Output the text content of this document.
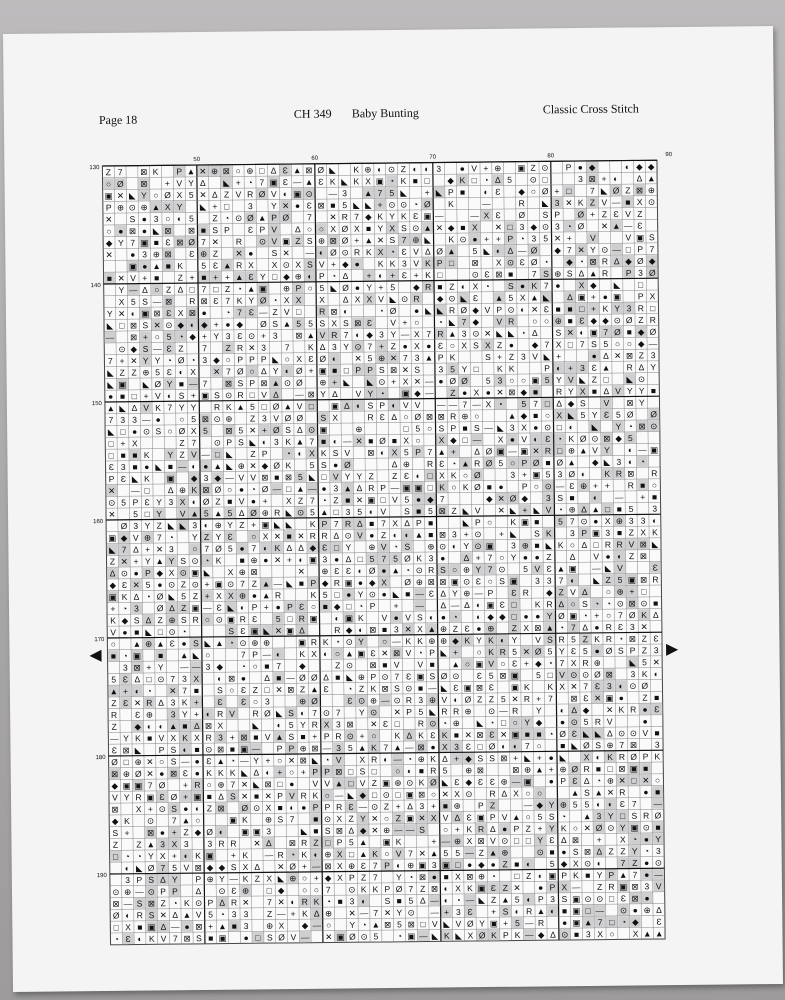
Page 18	CH 349 Baby Bunting	Classic Cross Stitch
Z 7 ⊠ K P ▲ ✕ ⊕ ⊠ ○ ⊕ □ Δ Ɛ ▲ ⊠ Ø ◣ K ⊕ ◐ ⊙ Z ◐ ◐ 3 ● V + ⊕ ▣ Z ⊙ P ● ◆	◐ ◆ ◆
○ Ø ⊠ + V Y Δ ◣ + ◔ 7 ▣ Ɛ — ▲ Ɛ K ◣ K X ▣ ◔ K ■ □ ◆ K □ ◔ Δ 5 ⊙ □	3 ⊠ + ◐ Δ ▲
▣ ✕ ◣ Y ○ Ø X 5 ✕ Δ Z V R Ø V ◐ ▣ ⊙ — 3 ▲ 7 5 ◣ + ◣ P ■ ◐ Ɛ ◆ ○ Ø + □ 7 ◣ Ø Z ⊠ ⊕
P ⊕ ⊙ ⊕ ▲ X Y ◣ + □ 3 Y ✕ ● Ɛ ⊠ ■ 5 ◣ ◣ + ⊙ ⊙ ◔ Ø K	—	R ◣ 3 ✕ K Z V — ■ X ⊙
✕ S ● 3 ○ ◐ 5 Z ◔ ⊙ Ø ▲ P Ø 7 ✕ R 7 ◆ K Y K Ɛ ▣ —	— X Ɛ Ø S P Ø + Z Ɛ V Z
○ ● ⊠ ● ◣ ⊠ ⊠ ■ S P Ɛ P V Δ ○ ○ X Ø X ■ Y X S ⊙ ▲ ✕ ◆ ■ X ✕ □ 3 ◆ ⊙ 3 ◔ Ø ✕ ▲ — Ɛ
◆ Y 7 ▣ ■ Ɛ ⊠ Ø 7 ✕ R ⊙ V ▣ Z S ⊕ ⊠ Ø + ▲ ✕ S 7 ⊕ ◣ K ⊙ ● + + P ◔ 3 5 ✕ + V	V ▣ S
✕ ● 3 ⊕ ⊠ Ɛ ⊕ Z ✕ ● S ✕ — ◐ Ø ⊙ R K X ◔ Ɛ V Δ Ø ▲ 5 ◣ ◐ Δ — Ø ◆ 7 ✕ Y ⊙ — □ P 7
▣ ● ▲ ■ K 5 Ɛ ▲ R X X ⊙ X S V + ◆ ● K K 3 V K P □ ⊠ X ⊙ Ɛ Ø ◔ ◆ ◔ ⊠ R Δ ◆ Ø ◆
■ ✕ V + ■ Z + ■ + + ▲ Ɛ Y □ ◆ ⊕ ◐ P ◔ Δ + ◐ + Ɛ + K □	⊙ Ɛ ⊠ ■ 7 S ⊕ S Δ ▲ R P 3 Ø
Y — Δ ○ Z Δ □ 7 □ Z ◔ ▲ ▣ ⊕ P ○ 5 ◣ Ø ● Y + 5 ◆ R ■ Z ◐ X ◔ S ● K 7 ● X ◆ ◣ □
X 5 S — ⊠ R ⊠ Ɛ 7 K Y Ø ◔ X X X Δ X X V ◣ ⊙ R ◆ ⊙ ◣ Ɛ ▲ 5 X ▲ ◣ Δ ▣ + ● ▣ P X
Y ✕ ◐ ▣ ⊠ Ɛ X ⊠ ● ◔ 7 Ɛ — Z V □ R ⊠ ◐	◔ Ø ● ◣ ◣ R Ø ◆ V P ⊙ ◐ ✕ Ɛ ■ ■ □ + K Y 3 R □
◣ □ ⊠ S ✕ ⊙ ◆ ◐ ◆ + ● ◆ Ø S ▲ 5 5 S X S ⊠ Ɛ V + ○ ◔ ◣ 7 ◆ V R ○ ○ ⊕ ■ Ɛ ◆ ◆ ⊙ Ø Z R
— ⊠ + ○ 5 ◔ ◆ + Y 3 Ɛ ⊙ + 3 ⊠ ▲ V R 7 ◐ ◆ 3 Y — X 7 R ▲ 3 ⊙ ✕ ◣ ◣ ◔ Δ S ✕ ◐ ▣ 7 Ø ■ ◆ Ø
⊙ ◆ S — Ɛ Z 7 Z R ✕ 3 7 K Δ 3 Y ⊙ 7 + Z ● X ● Ɛ ○ X S X Z ● ◆ 7 X □ 7 S 5 ○ ○ ◆ —
7 + ✕ Y Y ◔ Ø ◔ 3 ◆ ○ P P P ◣ ○ X Ɛ Ø ◐ ✕ 5 ⊕ ✕ 7 3 ▲ P K	S + Z 3 V ◣ +	● Δ ✕ ⊠ Z 3
◣ Z Z ⊕ 5 Ɛ ◐ X ✕ 7 Ø ○ Δ Y ◐ Ø + ▣ ■ □ P P S ⊠ ✕ S 3 5 Y □ K K	P ◐ + 3 Ɛ ▲ R Δ Y
◣ ▣ ◣ Ø Y ■ — 7 ⊠ S P ⊠ ▲ ⊙ Ø ⊕ + ◣ ◣ ⊙ + X ✕ — ● Ø Ø 5 3 ○ ○ ▣ 5 Y V ◣ Z □ ◣ ⊙
● ■ □ + V ◐ S + ▣ S ⊙ R □ V Δ — ⊠ Y Δ V Y ◔ ▣ ◆ — Z ● X ● ✕ ⊠ ◆ ■ R Y X ■ Δ V Y Y ■
▲ ◣ Δ V K 7 Y Y R K ▲ 5 □ Ø ▲ V □ ▣ Δ ◐ S P ◐ V V — — 7 — X ◔ 5 7 □ Δ ◆ S V ⊠ Y
7 3 3 — ● ○ 5 ⊠ ⊙ ⊕ Z 3 V Ø Ø S X	R Ɛ Δ ○ Ø ⊠ ⊠ R ⊕ ○	▲ ◆ ■ ○ X ◣ 5 Y Ɛ 5 Ø Ø
◣ □ ● ⊙ S ○ Ø X 5 ⊠ 5 ✕ + Ø S Δ ⊙ ▣	⊕	□ 5 ○ S P ■ S — ◣ 3 X ● ⊙ □ ◐ ◣ Y ◔ ⊠ ⊙
□ + X	Z 7 ⊙ P S ◣ ◐ 3 K ▲ 7 ■ ◐ — ✕ ■ Ø ■ X ○ X ◆ □ — X ● V ◐ Ɛ ◔ K Ø ⊙ ⊠ ◆ 5
□ ■ ■ K Y Z V — □ ◣ Z P ◔ ◐ X K S V ⊠ ◐ X 5 P 7 ▲ + Δ Ø ▣ — ▣ ✕ R □ ⊕ ▲ V Y ◐ — ▣
Ɛ 3 ■ ● ◣ ■ — ◐ ● ▲ ◣ ⊕ ✕ ◆ Ø K 5 S ● Ø	Δ ⊕ R Ɛ ◔ ▲ R Ø 5 ○ P Ø ■ Ø ▲ ◆ ◣ 3 ◐ ◔
P Ɛ ◣ K ▣ ◆ 3 ◆ — V V ⊠ ■ ⊠ 5 ◣ □ V Y Y Z Z Ɛ ◐ □ X K ○ Ø	3 + ▣ 5 3 Ø ◐ K R ⊠ R
✕ — □ Δ ⊕ K ⊠ Ø ○ ● ◔ Ø — □ ▲ — ● 3 ▲ Δ R P — ▣ ▣ □ K ○ K Ø ■ ● P ○ ⊙ — Ɛ ⊕ + + R ■ ○
⊙ 5 P Ɛ Y 3 X ◐ Ø Z ■ V ● + X Z 7 ◔ Z ■ ✕ ▣ □ V 5 ● ◆ 7	◆ ✕ Ø ◆ 3 S ■ ◐ — + ■
✕ 5 □ Y V ▲ 5 ▲ 5 Δ Ø ⊕ R ◣ ⊙ 5 ▲ □ 3 5 ◐ V S ■ 5 ⊠ Z ◣ V ✕ ◣ + ◣ V ◔ ⊕ Δ ▲ □ ■ 5 3
Ø 3 Y Z ◣ ◣ 3 ◐ ⊕ Y Z + ▣ ◣ ◣ K P 7 R Δ ■ 7 X Δ P ■	◣ P ○ K ▣ ■ 5 7 ⊙ ● X ⊕ 3 3 ◐
▣ ◆ V ⊕ 7 ◔ Y Z Y Ɛ ○ X ✕ ■ ✕ R R Δ ⊙ V ● Z ◐ ◐ ▲ ■ ⊠ 3 + ⊙ + ◣ S K 3 P ▣ 3 ■ Z X K
◣ 7 Δ + ✕ 3 ○ 7 Ø 5 ● 7 ◐ K Δ Δ ◆ Ɛ □ Y ⊕ V ◔ S ⊕ ⊙ ◐ Y ⊙ ▣ 3 ⊕ ■ ◣ K ○ Δ □ R R V ⊠ ◣
Z ✕ + Y ▲ Y S ⊙ ◔ K ■ ⊕ ● ✕ + ◐ ▣ 3 ● Δ □ 5 7 5 Ø K 3 ● Δ + 7 ○ Y ● ● Z Δ V ● ◐ Z ⊠
Δ ⊙ ● P ◆ X ⊙ ▣ ◣ X ⊕ ⊠	✕ ⊕ Ɛ Ɛ ◐ Ø ● ▲ ◔ ⊙ R S ○ ⊕ Y 7 ⊙ 5 V Ɛ ▲ ▣ — ◣ V	Ɛ
◆ Ɛ ✕ 5 ● ⊙ Z ⊙ + ▣ ⊙ 7 Z ▲ — ◣ ■ P ◆ R ▣ ● ◆ X Ø ⊕ ⊠ ⊠ ▣ ⊙ Ɛ ○ S ▣ 3 3 7 ◐ ◣ Z 5 ▣ ⊠ R
▣ K Δ ◔ Ø ◣ 5 Z + X X ⊕ ● ▲ R	K 5 □ ● Y ⊙ ● ◣ ■ — Ɛ Δ Y ⊕ — P Ɛ R ◆ Z V Δ ○ ⊕ + □
+ ◔ 3 Ø Δ Z ▣ — Ɛ ◣ ◐ P + ● P Ɛ ○ ■ ◆ □ ◔ P + — Δ — Δ ◐ ▣ Ɛ □ K R Δ ○ S ◔ ◔ ⊙ ⊠ ⊙ ■
K ◆ S Δ Z ⊕ S R ○ ⊙ ▣ R Ɛ 5 □ R ▣ ◐ ▣ K V ● V S ◐ ● ◔ ◐ ◆ ◆ □ ● ● Y Ø ▣ ◔ + ○ 7 Ø K Δ
V ● ■ ◣ □ ⊙ ◔	S Ɛ ▣ ◣ ✕ ▣ Δ	R ◆ ◐ ⊠ ■ 3 ✕ X ▲ ⊕ Z Ɛ ● ⊕ Z X ⊠ ▲ ◔ 7 Δ ● R Ɛ 3 ✕
○ ▲ ⊕ ▲ Ɛ ● S ◣ ▲ ◔ ⊙ ⊕ ⊕	▣ R K ◔ ⊙ Y ○ — K K ⊕ ⊕ ◆ K Y K ◐ Y V S R 5 Z K R ◔ ⊠ Z Ɛ
■ ◔ ▣ ■ ▲ ◣ ○	7 P — ◐ K X ◐ ○ ▲ ▣ Ɛ ✕ ⊠ V ◔ P ◣ + ○ K R 5 ✕ Ø 5 Y Ɛ 5 ● Ø S P Z 3
3 ⊠ + Y — — 3 ◆ ◔ ○ ■ 7 ◆	Z ⊙ ⊠ ■ V V ■ ▲ ○ ▣ V ○ Ɛ + ◆ ◔ 7 X R ⊕	◣ 5 ✕
5 Ɛ Δ □ ⊙ 7 3 X ◐ ⊠ ● Δ ■ — Ø Ø Δ ■ ◣ ⊕ P ⊙ 7 Ɛ ▣ S Ø ⊙ Ɛ 5 ⊠ ▣ 5 □ V ⊙ ⊙ Ø ⊠ 3 K ◐
▲ + ◐ ◔ ✕ 7 ■ S ○ Ɛ Z □ ✕ ⊠ Z ▲ Ɛ ◔ Z K ⊠ S ⊙ ■ — ◣ Ɛ ▣ ⊠ Ɛ ▣ K K X ✕ 7 Ɛ 3 ◐ ⊙ Ø
Z Ɛ ✕ R Δ 3 K + Ɛ Ɛ ○ 3	⊕ Ø	Ɛ ⊙ ⊕ — ⊙ R 3 ⊕ V ◐ Ø Z Z 5 ✕ R + 7 ⊠ Ɛ ✕ ▣ ● Z ■
R Ɛ ⊕ 3 Y + ◐ R V R Ø ◣ S ◐ 7 ⊙ 7 Y ⊙ ✕ P 5 ◣ R R ⊕ ⊙ — R Y ◐ Δ ◆ ✕ K R ● Ɛ
Z ◆ ◐ ◐ ▲ ■ Δ ⊠ X	◣ ◐ 5 Y R X 3 ⊠ ✕ Ɛ □ R ⊙ ◔ ⊕ ◣ ◔ □ ○ Y ◆ ● ⊙ 5 R V	●
— Y K ■ V X K X R 3 + ⊠ ■ V ▲ S ■ + P R ⊙ + ○ K Δ K Ɛ K ■ ✕ ⊠ Ɛ ✕ ▣ ■ ■ ◔ Ø Ɛ ◣ ◣ Δ ⊙ ⊙ V ■
Ɛ ⊠ ◣ P S ◐ ■ ⊙ ⊠ ■ ▣ — P P ⊕ ⊠ — 3 5 ▲ K 7 ▲ — ⊠ ● X 3 Ɛ □ Ø ◐ ◐ 7 ○ ■ ◣ Ø S ⊕ 7 ⊠ 3
Ø □ ⊕ ✕ ○ S — ● Ɛ ▲ ◔ — Y + ○ ✕ ⊠ ◣ ◔ V X R ◐ — ◔ ⊕ K Δ + ◆ S S ⊠ + ◣ + ● ◣ X ◐ K R Ø P K
⊠ ⊕ Ø ✕ ● ⊠ Ɛ ● K K K ◣ Δ ◐ + ○ + P P ⊠ □ S □ ○ ◐ ■ R 5 ⊕ ⊠	⊠ ⊕ ▲ + ⊕ Ø R ■ □ ⊠ ▣ ■
◆ ▣ ▣ 7 Ø + R ○ ⊕ 7 ✕ ◣ ⊠ □ ● V V ▲ □ V Z ▣ ⊕ ⊙ K Ø ◣ Ɛ ◆ Ɛ Ɛ ⊕ — ▣ ● P Ɛ Δ ◔ ⊕ ✕ □ ✕ ○
V Y R ▣ Ɛ Ø + ▣ ■ Δ S ✕ ■ ✕ P V R K ○ — ◣ ◆ □ ⊙ □ ▣ ⊠ ○ ✕ X ⊙ R Δ X ○ ○	▲ S ▲ ✕ R ● ■
⊠ X + ⊙ S ● ◐ Z ⊠ Ø ⊙ X ■ ◐ ● P P R Ɛ — ⊙ Z + Δ 3 + ■ ⊕ P Z	— ◆ Y ⊕ 5 5 ◐ ◐ Ɛ 7 —
◆ K ⊙ 7 ▲ ○	▣ K ⊕ S 7 ■ ⊙ X Z Y ✕ ○ Z ▣ ✕ X V Δ Ɛ ▣ P V ▲ ○ 5 S ◔ ▲ 3 Y □ S R Ø
S + ⊠ ● + Z ◆ Ø ◐ ▣ ▣ 3	◣ ■ S ⊠ Δ ◆ ✕ ⊕ — — S ○ + K R Δ ● P Z + Y K ○ ✕ Ø ⊙ Y ▣ ⊙ ■
Z Z ▲ 3 X 3 3 R R ✕ Δ ⊠ R Z □ P 5 ▲ ▣ K	+ — ⊕ X ⊠ V ⊙ □ □ Y Ɛ Δ ⊠ + X ◔ ● Y
□ ◔ ◔ Y X + ◐ K ▣ + K — R ◔ K ◐ ⊕ X □ ▲ K ○ V 7 ✕ ▲ 5 5 — Z ▲ ⊕	⊙ ■ ● S ⊠ Δ Z Z Y ◔ 3
◐ ◣ Ø 7 5 V ⊠ ◆ ◆ S X Δ ✕ Ø + — ⊠ X ⊕ Ɛ 7 P ◐ ⊕ ▣ 3 ▣ □ ● ◆ ● Z ■ ◐ 5 ◆ X ⊙ ◐ 7 Z ● ⊙
3 P S Δ Y P ⊕ Y — K Z X ◣ ⊕ ○ + ◆ X P Z 7 Y ◔ ⊠ ● ■ X ⊠ ⊕ ◔ □ Z ◐ ▣ P K ■ Y P ▲ 7 ● —
⊙ ⊕ — ⊙ P P Δ ⊙ Ɛ ⊕ □ ◆ ○ ○ 7 ⊙ K K P Ø 7 Z ⊠ ◐ X K ▣ Ɛ Z ✕ ● P X — Z R ▣ ⊠ 3 V
⊠ — S ⊠ Z ◔ K ⊙ P Δ R ✕ 7 ✕ ◐ R K ◔ ■ 3 ◐ S ■ 5 Δ — ◐ ◔ — ◣ Z ▲ 5 ◐ P 3 S ▣ ⊙ ⊙ □ Ɛ ⊠ ●
Ø ◐ R S ✕ Δ ▲ V 5 ◔ 3 3 Z — + K Δ ⊕ ✕ — 7 ✕ Y ⊙ — + 3 Ɛ + S ◐ R ▲ ◐ ■ ▣ □ — ⊙ ● ⊕ Δ
□ X ■ ▣ Δ — ● ⊠ + ▲ ■ 3 ⊕ X ◆ — ○ Y ◔ ▲ ⊠ 5 ⊠ □ V ◣ V Ø Y ▣ + 5 — R ● ▣ ▲ 7 □ ◔ ◆ Ɛ
◔ Ɛ ◐ K V 7 ⊠ S ■ ▣ ● □ S Ø V — ✕ ▣ Ø ⊙ 5 ◔ ▣ — ◣ K ◣ X Ø K P K — ◆ Δ ⊙ ■ 3 X ○ X ▲ ▲
50	60	70	80	90
130
140
150
160
170
180
190
